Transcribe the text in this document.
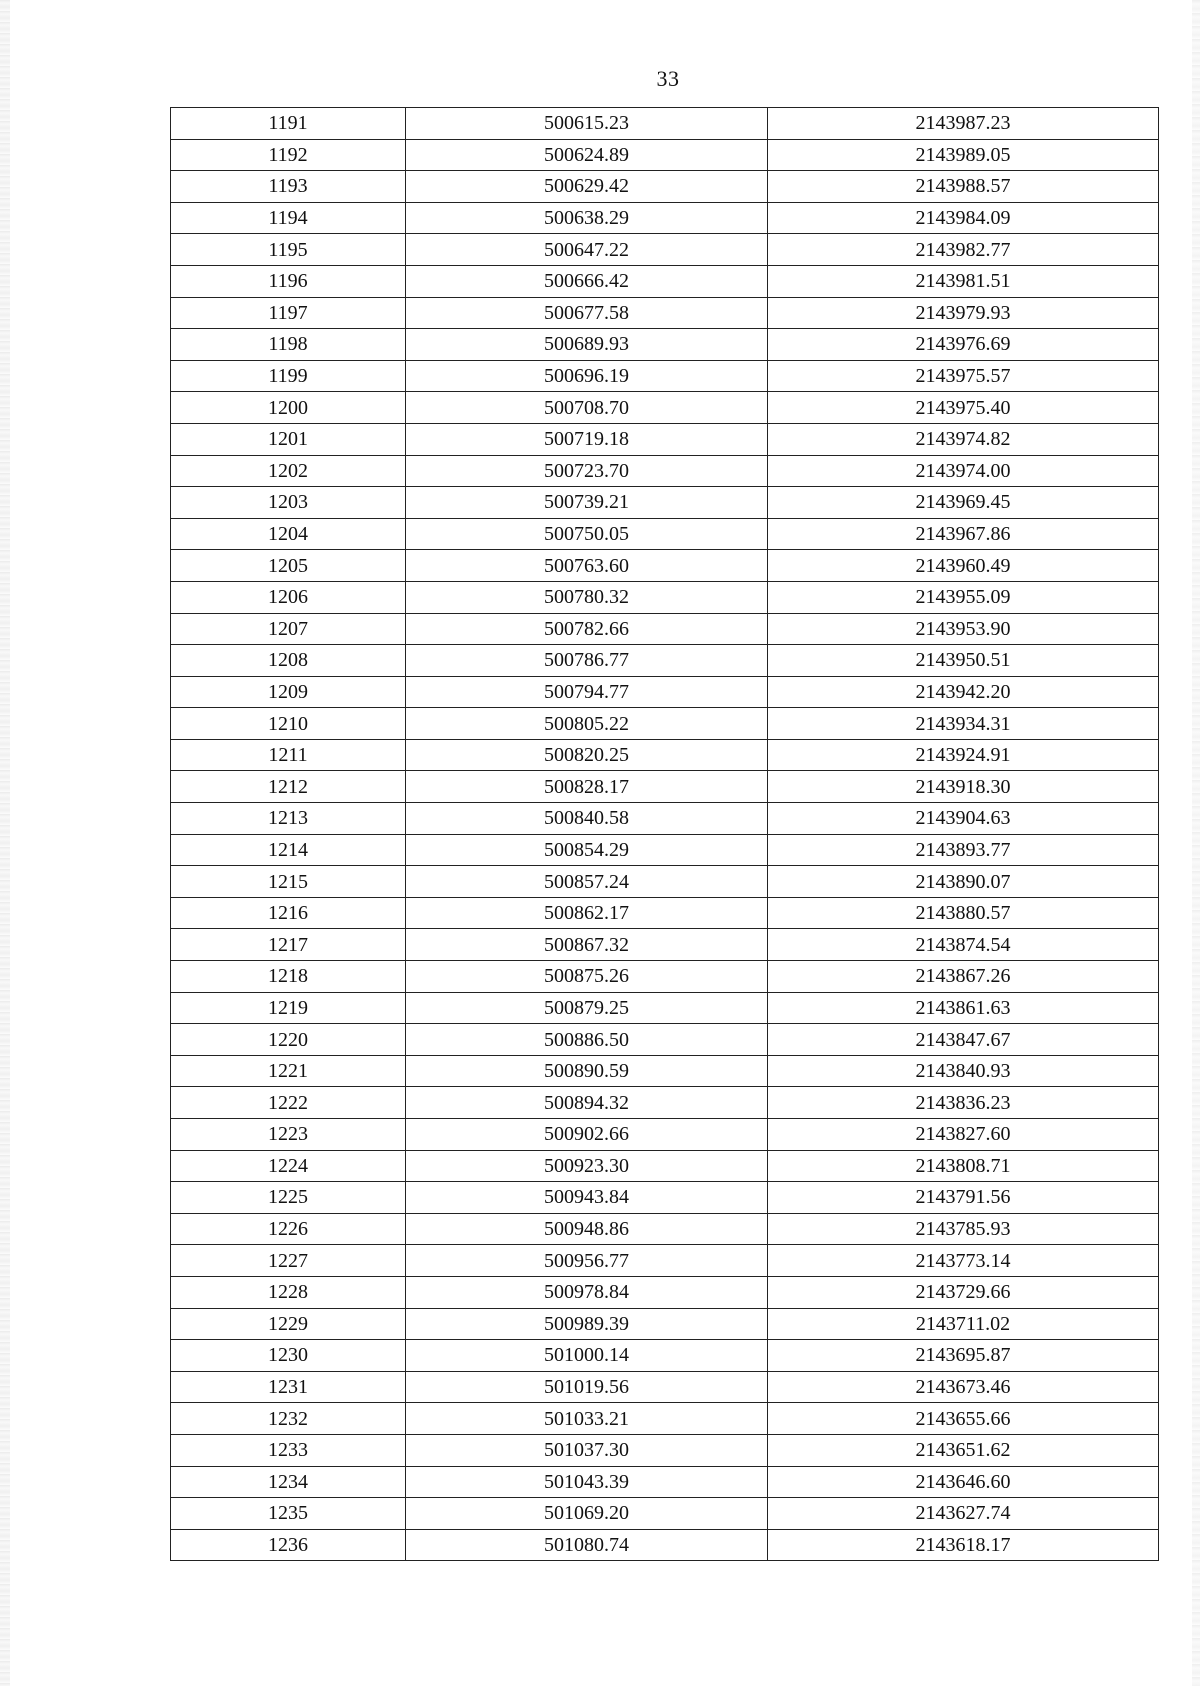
33
1191	500615.23	2143987.23
1192	500624.89	2143989.05
1193	500629.42	2143988.57
1194	500638.29	2143984.09
1195	500647.22	2143982.77
1196	500666.42	2143981.51
1197	500677.58	2143979.93
1198	500689.93	2143976.69
1199	500696.19	2143975.57
1200	500708.70	2143975.40
1201	500719.18	2143974.82
1202	500723.70	2143974.00
1203	500739.21	2143969.45
1204	500750.05	2143967.86
1205	500763.60	2143960.49
1206	500780.32	2143955.09
1207	500782.66	2143953.90
1208	500786.77	2143950.51
1209	500794.77	2143942.20
1210	500805.22	2143934.31
1211	500820.25	2143924.91
1212	500828.17	2143918.30
1213	500840.58	2143904.63
1214	500854.29	2143893.77
1215	500857.24	2143890.07
1216	500862.17	2143880.57
1217	500867.32	2143874.54
1218	500875.26	2143867.26
1219	500879.25	2143861.63
1220	500886.50	2143847.67
1221	500890.59	2143840.93
1222	500894.32	2143836.23
1223	500902.66	2143827.60
1224	500923.30	2143808.71
1225	500943.84	2143791.56
1226	500948.86	2143785.93
1227	500956.77	2143773.14
1228	500978.84	2143729.66
1229	500989.39	2143711.02
1230	501000.14	2143695.87
1231	501019.56	2143673.46
1232	501033.21	2143655.66
1233	501037.30	2143651.62
1234	501043.39	2143646.60
1235	501069.20	2143627.74
1236	501080.74	2143618.17
